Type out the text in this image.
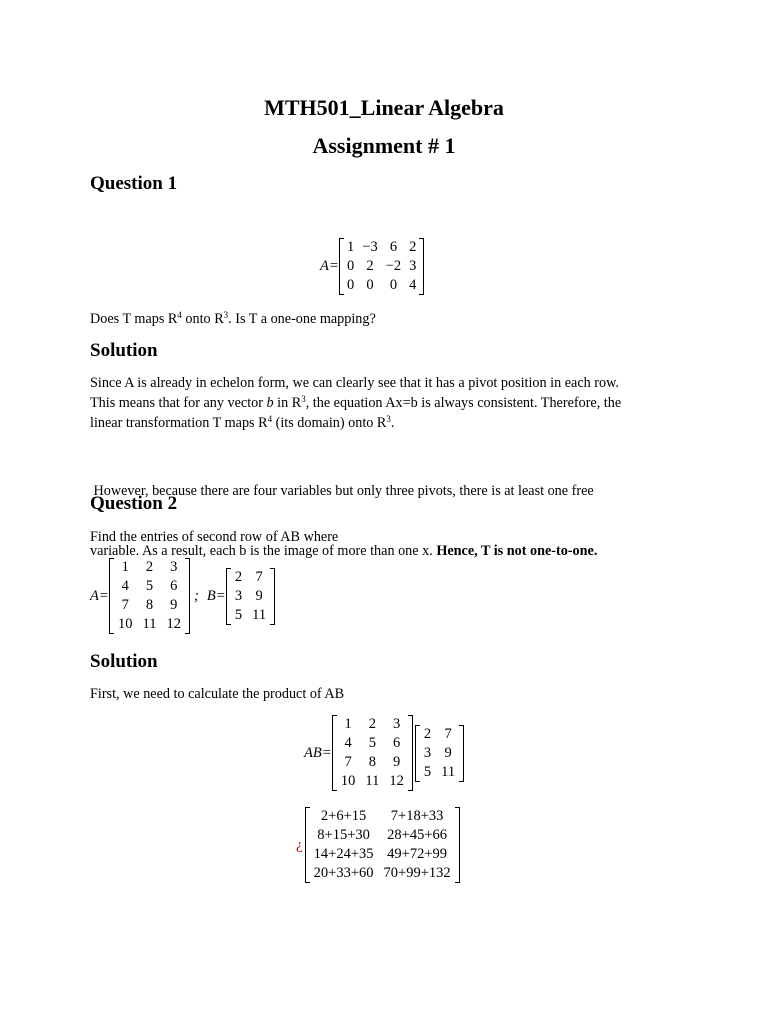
MTH501_Linear Algebra
Assignment # 1
Question 1
A =
1	−3	6	2
0	2	−2	3
0	0	0	4
Does T maps $R^4$ onto $R^3$. Is T a one-one mapping?
Solution
Since A is already in echelon form, we can clearly see that it has a pivot position in each row.
This means that for any vector b in $R^3$, the equation Ax=b is always consistent. Therefore, the
linear transformation T maps $R^4$ (its domain) onto $R^3$.

However, because there are four variables but only three pivots, there is at least one free

variable. As a result, each b is the image of more than one x. Hence, T is not one-to-one.

Question 2
Find the entries of second row of AB where
A =
1	2	3
4	5	6
7	8	9
10	11	12
; B =
2	7
3	9
5	11
Solution
First, we need to calculate the product of AB
AB =
1	2	3
4	5	6
7	8	9
10	11	12
2	7
3	9
5	11
¿
2+6+15	7+18+33
8+15+30	28+45+66
14+24+35	49+72+99
20+33+60	70+99+132
